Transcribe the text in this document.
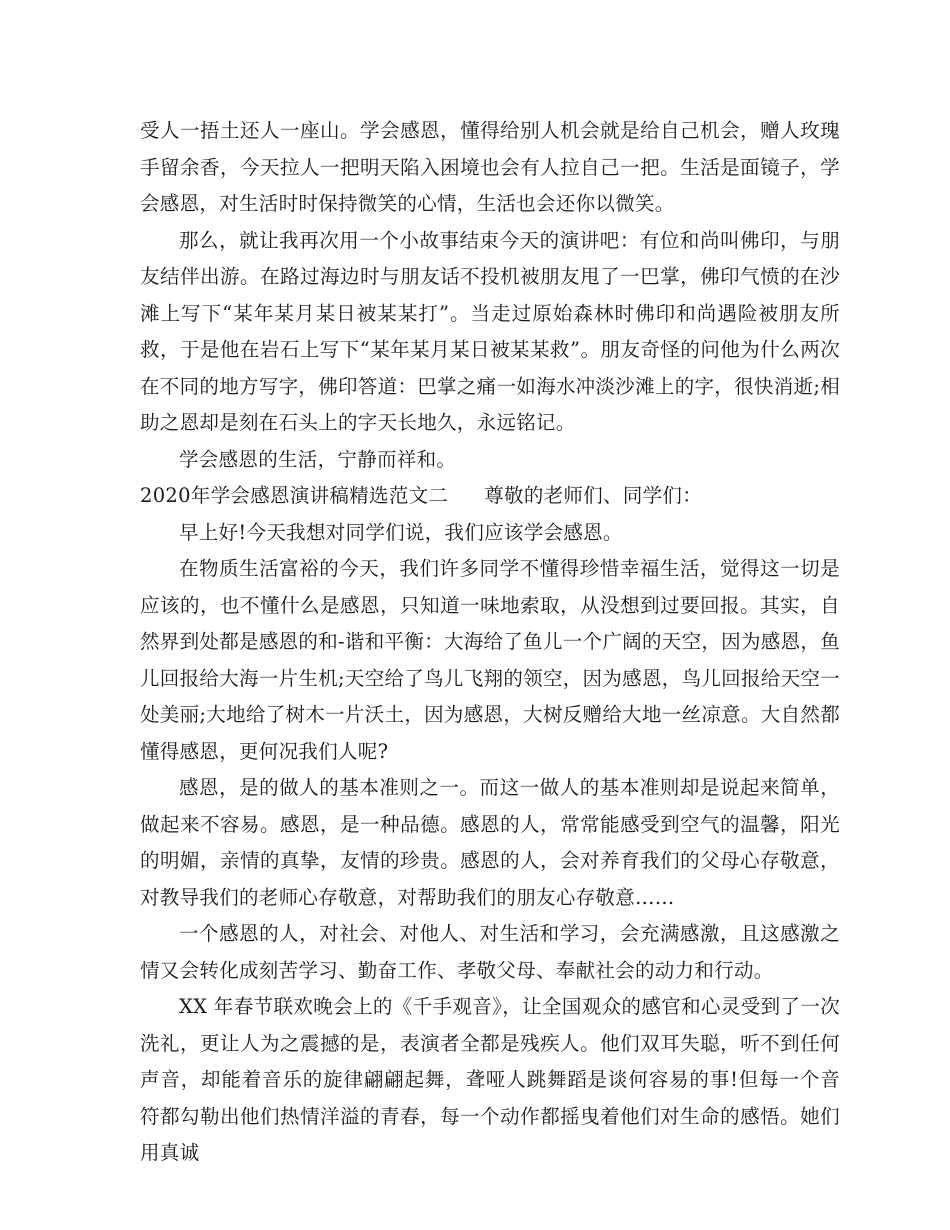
受人一捂土还人一座山。学会感恩，懂得给别人机会就是给自己机会，赠人玫瑰手留余香，今天拉人一把明天陷入困境也会有人拉自己一把。生活是面镜子，学会感恩，对生活时时保持微笑的心情，生活也会还你以微笑。

那么，就让我再次用一个小故事结束今天的演讲吧：有位和尚叫佛印，与朋友结伴出游。在路过海边时与朋友话不投机被朋友甩了一巴掌，佛印气愤的在沙滩上写下“某年某月某日被某某打”。当走过原始森林时佛印和尚遇险被朋友所救，于是他在岩石上写下“某年某月某日被某某救”。朋友奇怪的问他为什么两次在不同的地方写字，佛印答道：巴掌之痛一如海水冲淡沙滩上的字，很快消逝;相助之恩却是刻在石头上的字天长地久，永远铭记。

学会感恩的生活，宁静而祥和。

2020年学会感恩演讲稿精选范文二 尊敬的老师们、同学们：

早上好!今天我想对同学们说，我们应该学会感恩。

在物质生活富裕的今天，我们许多同学不懂得珍惜幸福生活，觉得这一切是应该的，也不懂什么是感恩，只知道一味地索取，从没想到过要回报。其实，自然界到处都是感恩的和-谐和平衡：大海给了鱼儿一个广阔的天空，因为感恩，鱼儿回报给大海一片生机;天空给了鸟儿飞翔的领空，因为感恩，鸟儿回报给天空一处美丽;大地给了树木一片沃土，因为感恩，大树反赠给大地一丝凉意。大自然都懂得感恩，更何况我们人呢?

感恩，是的做人的基本准则之一。而这一做人的基本准则却是说起来简单，做起来不容易。感恩，是一种品德。感恩的人，常常能感受到空气的温馨，阳光的明媚，亲情的真挚，友情的珍贵。感恩的人，会对养育我们的父母心存敬意，对教导我们的老师心存敬意，对帮助我们的朋友心存敬意……

一个感恩的人，对社会、对他人、对生活和学习，会充满感激，且这感激之情又会转化成刻苦学习、勤奋工作、孝敬父母、奉献社会的动力和行动。

XX 年春节联欢晚会上的《千手观音》，让全国观众的感官和心灵受到了一次洗礼，更让人为之震撼的是，表演者全都是残疾人。他们双耳失聪，听不到任何声音，却能着音乐的旋律翩翩起舞，聋哑人跳舞蹈是谈何容易的事!但每一个音符都勾勒出他们热情洋溢的青春，每一个动作都摇曳着他们对生命的感悟。她们用真诚
